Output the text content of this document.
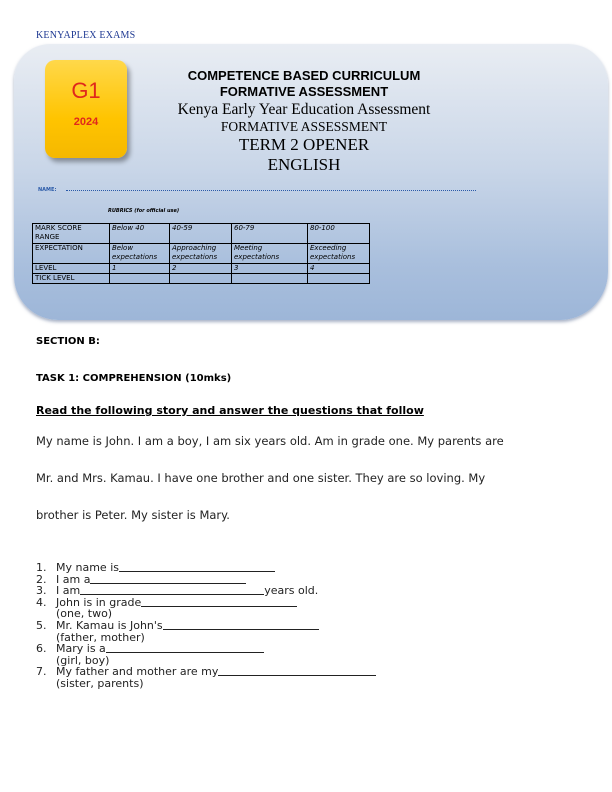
KENYAPLEX EXAMS
G1
2024
COMPETENCE BASED CURRICULUM
FORMATIVE ASSESSMENT
Kenya Early Year Education Assessment
FORMATIVE ASSESSMENT
TERM 2 OPENER
ENGLISH
NAME:
RUBRICS (for official use)
MARK SCORE RANGE	Below 40	40-59	60-79	80-100
EXPECTATION	Below expectations	Approaching expectations	Meeting expectations	Exceeding expectations
LEVEL	1	2	3	4
TICK LEVEL				
SECTION B:
TASK 1: COMPREHENSION (10mks)
Read the following story and answer the questions that follow
My name is John. I am a boy, I am six years old. Am in grade one. My parents are
Mr. and Mrs. Kamau. I have one brother and one sister. They are so loving. My
brother is Peter. My sister is Mary.
1. My name is
2. I am a
3. I am	years old.
4. John is in grade
(one, two)
5. Mr. Kamau is John's
(father, mother)
6. Mary is a
(girl, boy)
7. My father and mother are my
(sister, parents)
